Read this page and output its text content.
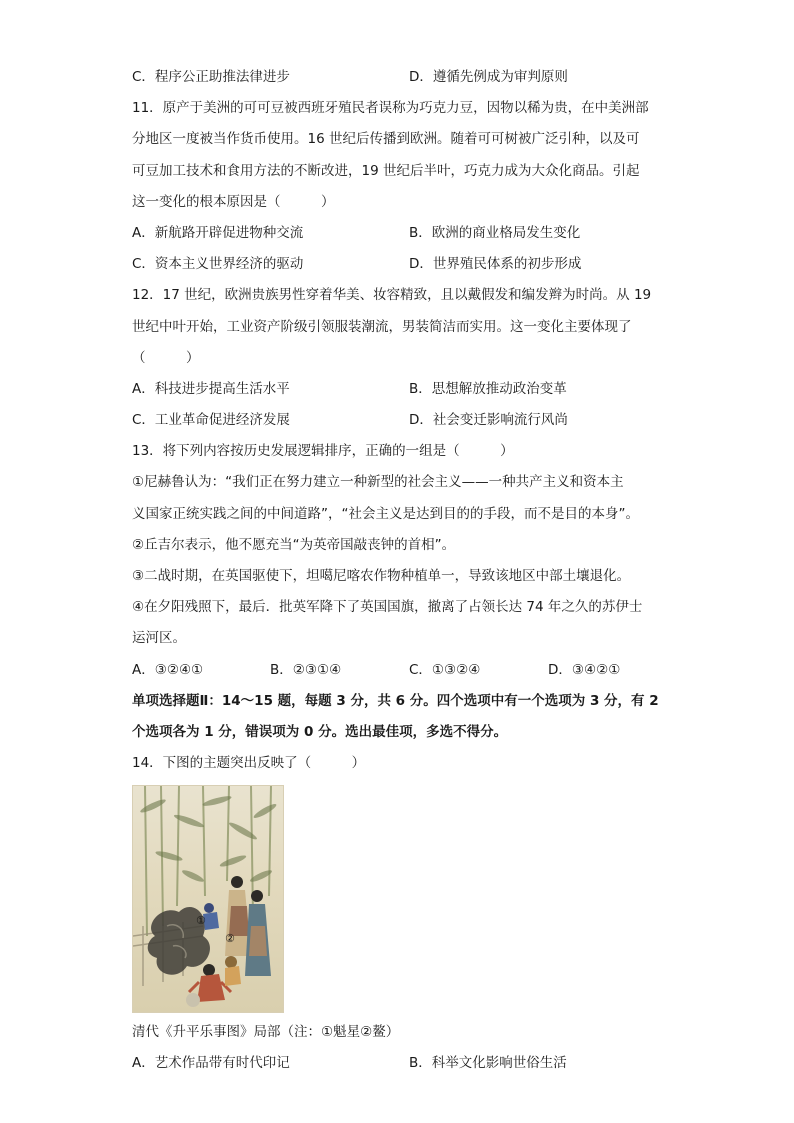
C．程序公正助推法律进步	D．遵循先例成为审判原则
11．原产于美洲的可可豆被西班牙殖民者误称为巧克力豆，因物以稀为贵，在中美洲部
分地区一度被当作货币使用。16 世纪后传播到欧洲。随着可可树被广泛引种，以及可
可豆加工技术和食用方法的不断改进，19 世纪后半叶，巧克力成为大众化商品。引起
这一变化的根本原因是（　　　）
A．新航路开辟促进物种交流	B．欧洲的商业格局发生变化
C．资本主义世界经济的驱动	D．世界殖民体系的初步形成
12．17 世纪，欧洲贵族男性穿着华美、妆容精致，且以戴假发和编发辫为时尚。从 19
世纪中叶开始，工业资产阶级引领服装潮流，男装简洁而实用。这一变化主要体现了
（　　　）
A．科技进步提高生活水平	B．思想解放推动政治变革
C．工业革命促进经济发展	D．社会变迁影响流行风尚
13．将下列内容按历史发展逻辑排序，正确的一组是（　　　）
①尼赫鲁认为：“我们正在努力建立一种新型的社会主义——一种共产主义和资本主
义国家正统实践之间的中间道路”，“社会主义是达到目的的手段，而不是目的本身”。
②丘吉尔表示，他不愿充当“为英帝国敲丧钟的首相”。
③二战时期，在英国驱使下，坦噶尼喀农作物种植单一，导致该地区中部土壤退化。
④在夕阳残照下，最后．批英军降下了英国国旗，撤离了占领长达 74 年之久的苏伊士
运河区。
A．③②④①	B．②③①④	C．①③②④	D．③④②①
单项选择题Ⅱ：14～15 题，每题 3 分，共 6 分。四个选项中有一个选项为 3 分，有 2
个选项各为 1 分，错误项为 0 分。选出最佳项，多选不得分。
14．下图的主题突出反映了（　　　）
①
②
清代《升平乐事图》局部（注：①魁星②鳌）
A．艺术作品带有时代印记	B．科举文化影响世俗生活
